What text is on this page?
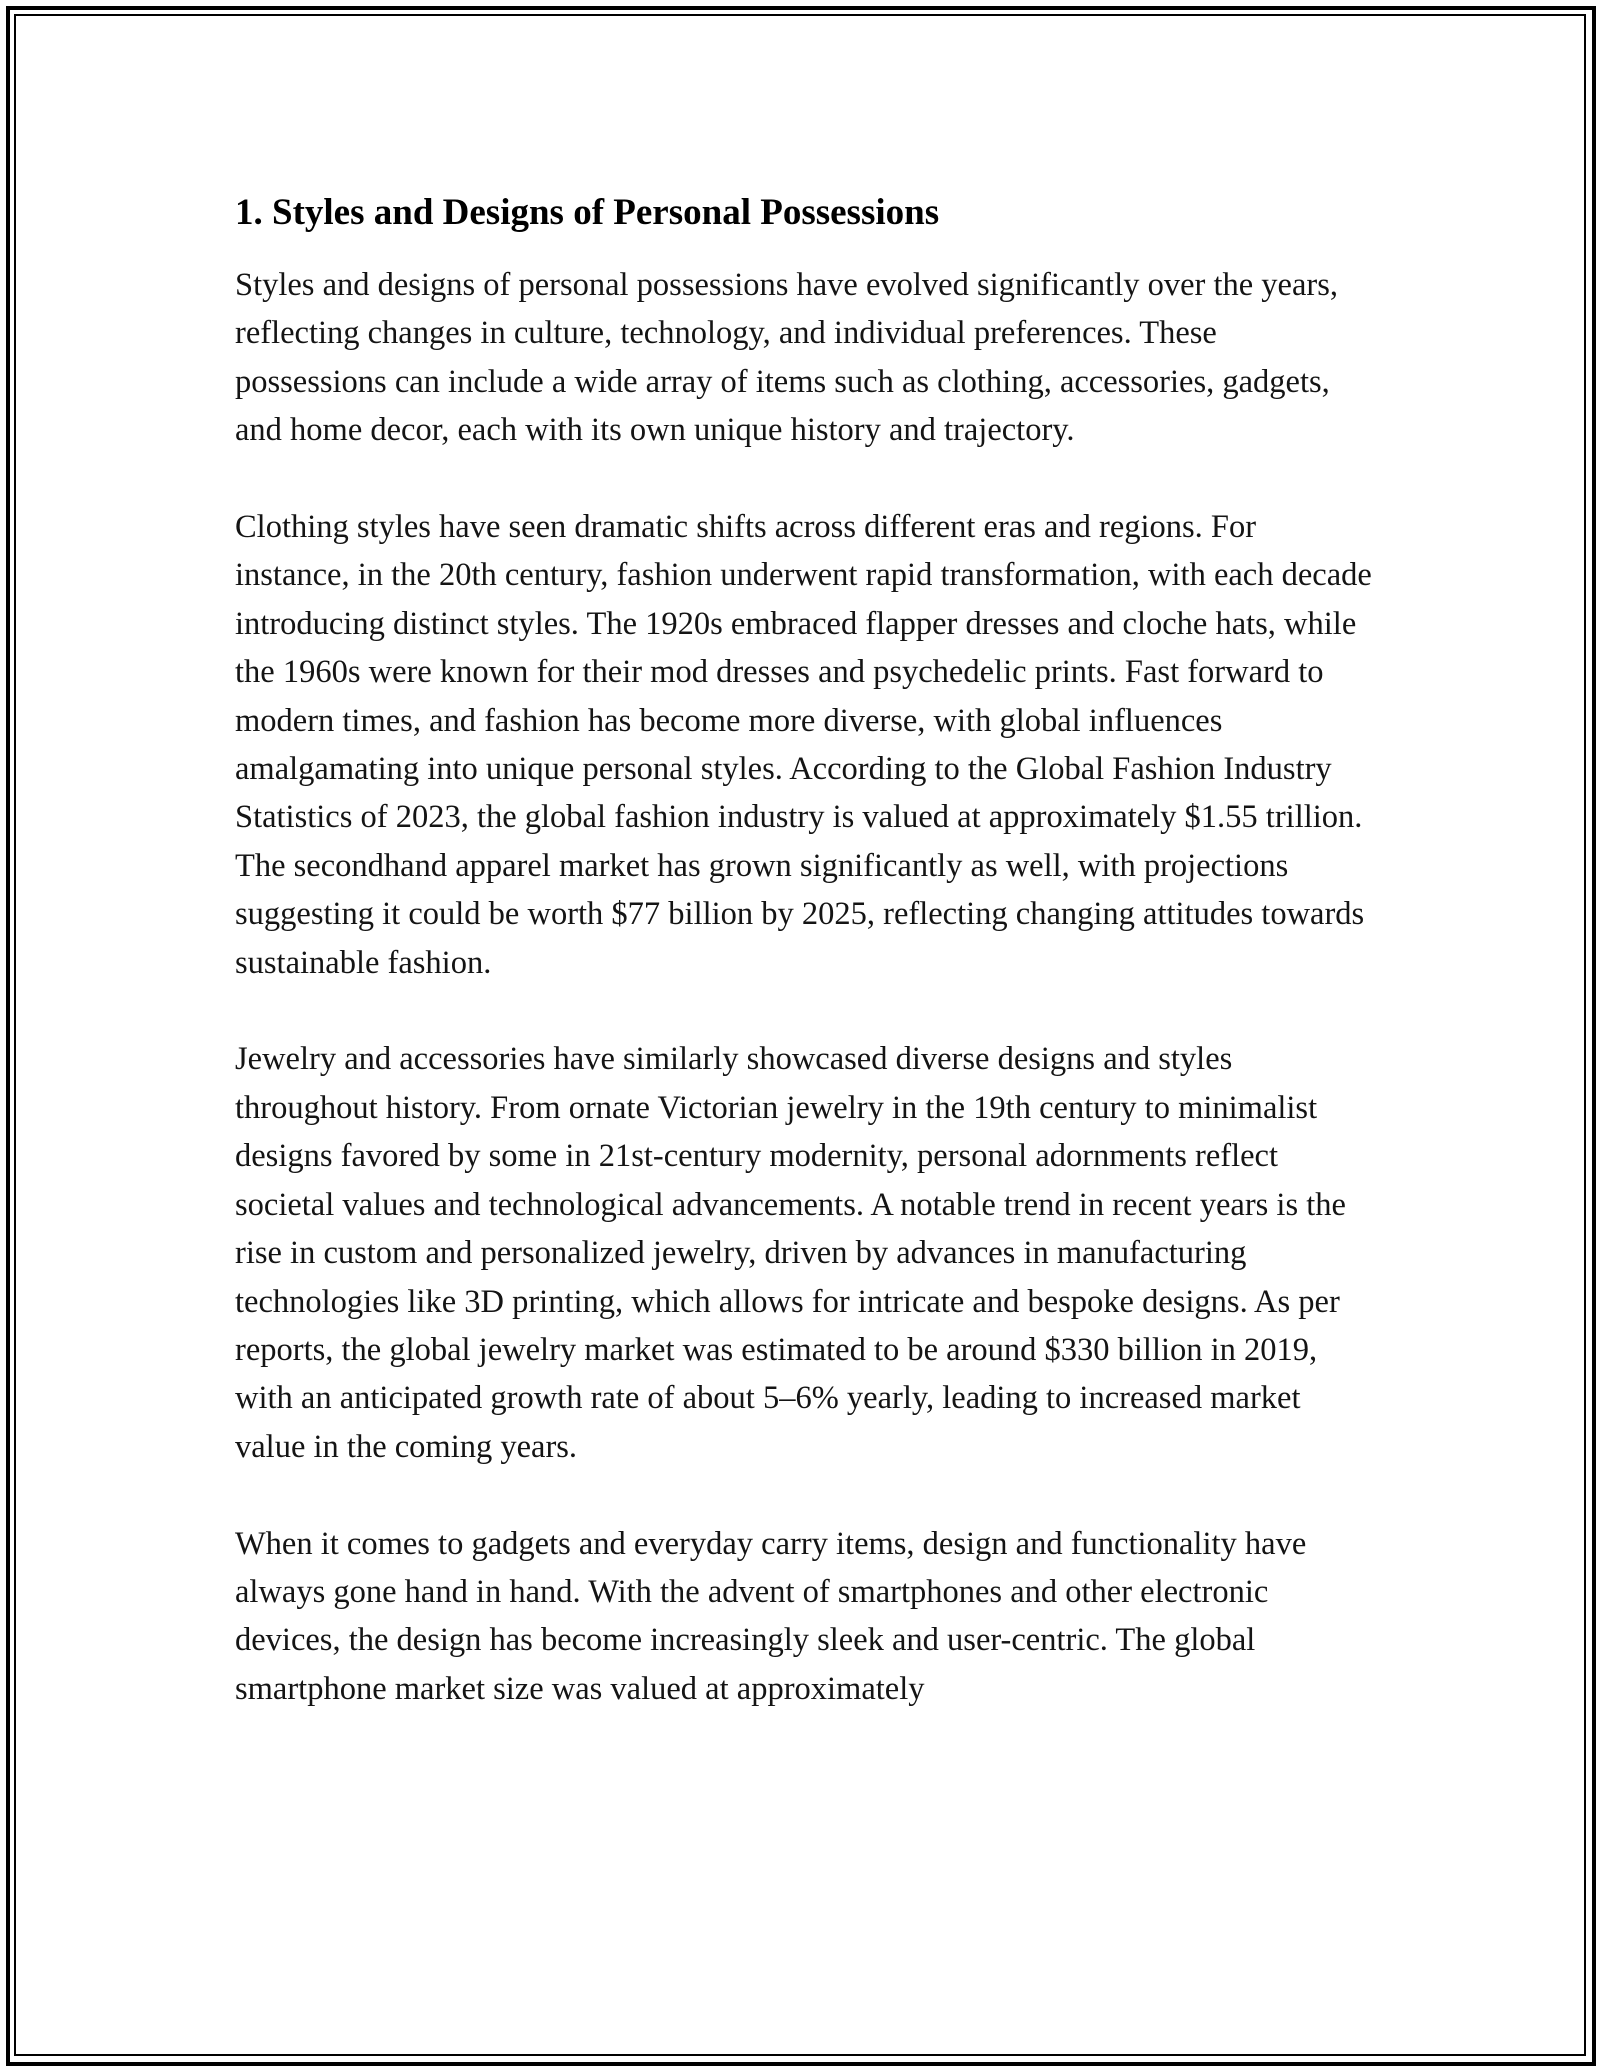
1. Styles and Designs of Personal Possessions

Styles and designs of personal possessions have evolved significantly over the years, reflecting changes in culture, technology, and individual preferences. These possessions can include a wide array of items such as clothing, accessories, gadgets, and home decor, each with its own unique history and trajectory.

Clothing styles have seen dramatic shifts across different eras and regions. For instance, in the 20th century, fashion underwent rapid transformation, with each decade introducing distinct styles. The 1920s embraced flapper dresses and cloche hats, while the 1960s were known for their mod dresses and psychedelic prints. Fast forward to modern times, and fashion has become more diverse, with global influences amalgamating into unique personal styles. According to the Global Fashion Industry Statistics of 2023, the global fashion industry is valued at approximately $1.55 trillion. The secondhand apparel market has grown significantly as well, with projections suggesting it could be worth $77 billion by 2025, reflecting changing attitudes towards sustainable fashion.

Jewelry and accessories have similarly showcased diverse designs and styles throughout history. From ornate Victorian jewelry in the 19th century to minimalist designs favored by some in 21st-century modernity, personal adornments reflect societal values and technological advancements. A notable trend in recent years is the rise in custom and personalized jewelry, driven by advances in manufacturing technologies like 3D printing, which allows for intricate and bespoke designs. As per reports, the global jewelry market was estimated to be around $330 billion in 2019, with an anticipated growth rate of about 5–6% yearly, leading to increased market value in the coming years.

When it comes to gadgets and everyday carry items, design and functionality have always gone hand in hand. With the advent of smartphones and other electronic devices, the design has become increasingly sleek and user-centric. The global smartphone market size was valued at approximately
